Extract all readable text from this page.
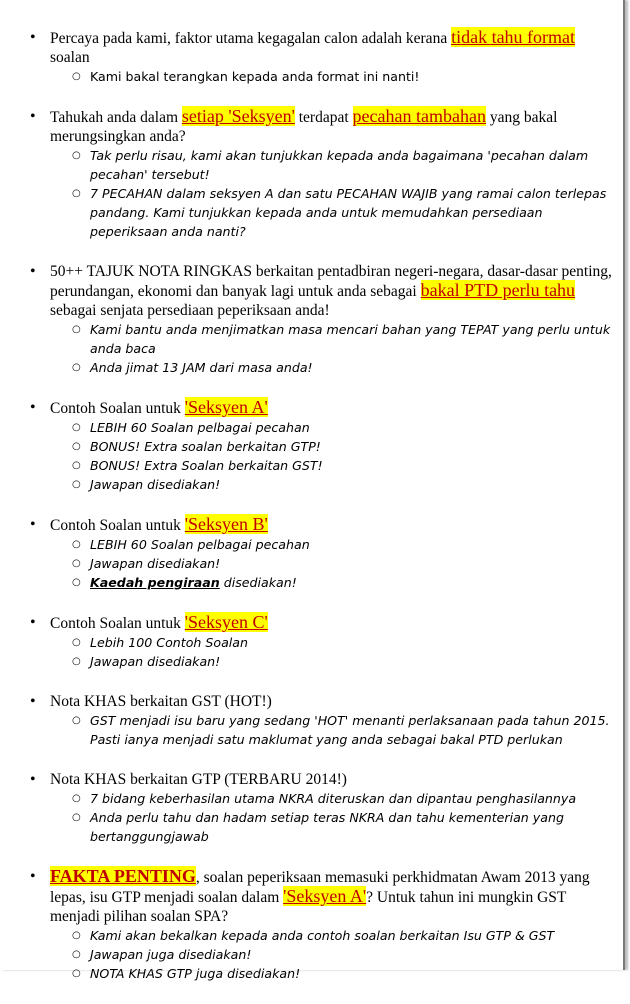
• Percaya pada kami, faktor utama kegagalan calon adalah kerana tidak tahu format soalan
○ Kami bakal terangkan kepada anda format ini nanti!
• Tahukah anda dalam setiap 'Seksyen' terdapat pecahan tambahan yang bakal merungsingkan anda?
○ Tak perlu risau, kami akan tunjukkan kepada anda bagaimana 'pecahan dalam pecahan' tersebut!
○ 7 PECAHAN dalam seksyen A dan satu PECAHAN WAJIB yang ramai calon terlepas pandang. Kami tunjukkan kepada anda untuk memudahkan persediaan peperiksaan anda nanti?
• 50++ TAJUK NOTA RINGKAS berkaitan pentadbiran negeri-negara, dasar-dasar penting, perundangan, ekonomi dan banyak lagi untuk anda sebagai bakal PTD perlu tahu sebagai senjata persediaan peperiksaan anda!
○ Kami bantu anda menjimatkan masa mencari bahan yang TEPAT yang perlu untuk anda baca
○ Anda jimat 13 JAM dari masa anda!
• Contoh Soalan untuk 'Seksyen A'
○ LEBIH 60 Soalan pelbagai pecahan
○ BONUS! Extra soalan berkaitan GTP!
○ BONUS! Extra Soalan berkaitan GST!
○ Jawapan disediakan!
• Contoh Soalan untuk 'Seksyen B'
○ LEBIH 60 Soalan pelbagai pecahan
○ Jawapan disediakan!
○ Kaedah pengiraan disediakan!
• Contoh Soalan untuk 'Seksyen C'
○ Lebih 100 Contoh Soalan
○ Jawapan disediakan!
• Nota KHAS berkaitan GST (HOT!)
○ GST menjadi isu baru yang sedang 'HOT' menanti perlaksanaan pada tahun 2015. Pasti ianya menjadi satu maklumat yang anda sebagai bakal PTD perlukan
• Nota KHAS berkaitan GTP (TERBARU 2014!)
○ 7 bidang keberhasilan utama NKRA diteruskan dan dipantau penghasilannya
○ Anda perlu tahu dan hadam setiap teras NKRA dan tahu kementerian yang bertanggungjawab
• FAKTA PENTING, soalan peperiksaan memasuki perkhidmatan Awam 2013 yang lepas, isu GTP menjadi soalan dalam 'Seksyen A'? Untuk tahun ini mungkin GST menjadi pilihan soalan SPA?
○ Kami akan bekalkan kepada anda contoh soalan berkaitan Isu GTP & GST
○ Jawapan juga disediakan!
○ NOTA KHAS GTP juga disediakan!
